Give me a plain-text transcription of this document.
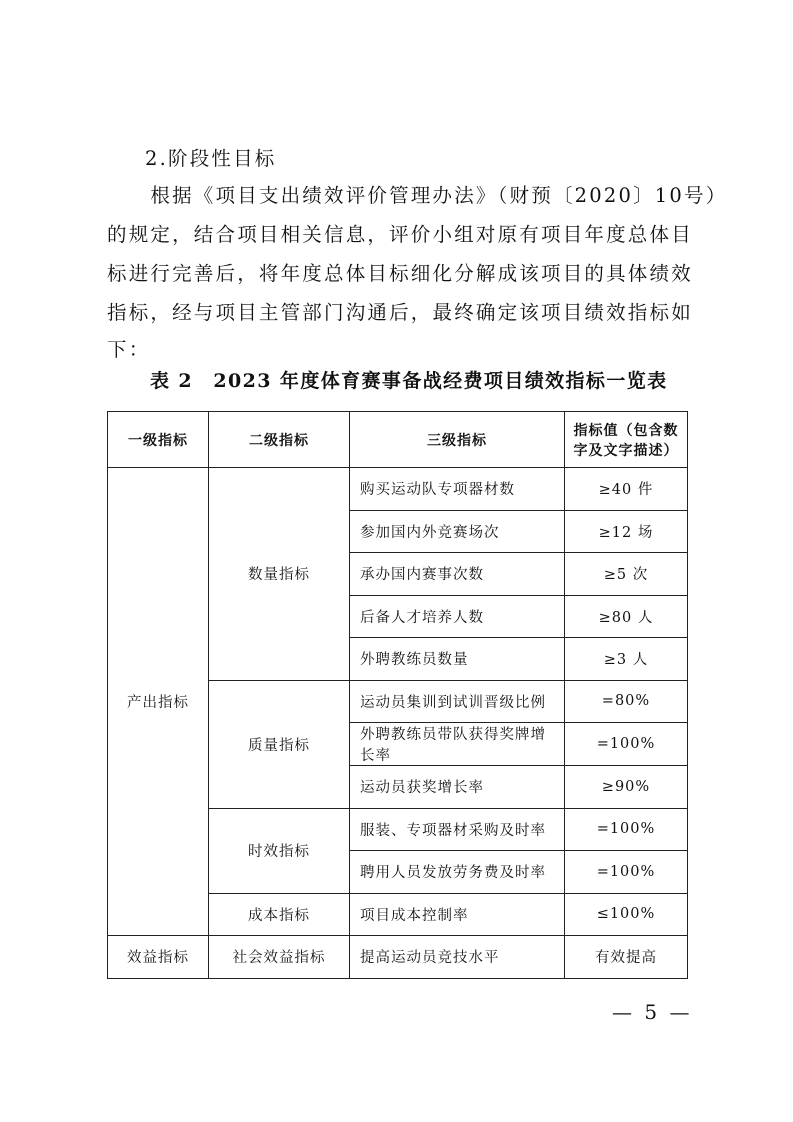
2.阶段性目标
　　根据《项目支出绩效评价管理办法》（财预〔2020〕10号）
的规定，结合项目相关信息，评价小组对原有项目年度总体目
标进行完善后，将年度总体目标细化分解成该项目的具体绩效
指标，经与项目主管部门沟通后，最终确定该项目绩效指标如
下：
表 2　2023 年度体育赛事备战经费项目绩效指标一览表
一级指标	二级指标	三级指标	指标值（包含数字及文字描述）
产出指标	数量指标	购买运动队专项器材数	≥40 件
		参加国内外竞赛场次	≥12 场
		承办国内赛事次数	≥5 次
		后备人才培养人数	≥80 人
		外聘教练员数量	≥3 人
	质量指标	运动员集训到试训晋级比例	=80%
		外聘教练员带队获得奖牌增长率	=100%
		运动员获奖增长率	≥90%
	时效指标	服装、专项器材采购及时率	=100%
		聘用人员发放劳务费及时率	=100%
	成本指标	项目成本控制率	≤100%
效益指标	社会效益指标	提高运动员竞技水平	有效提高
— 5 —
